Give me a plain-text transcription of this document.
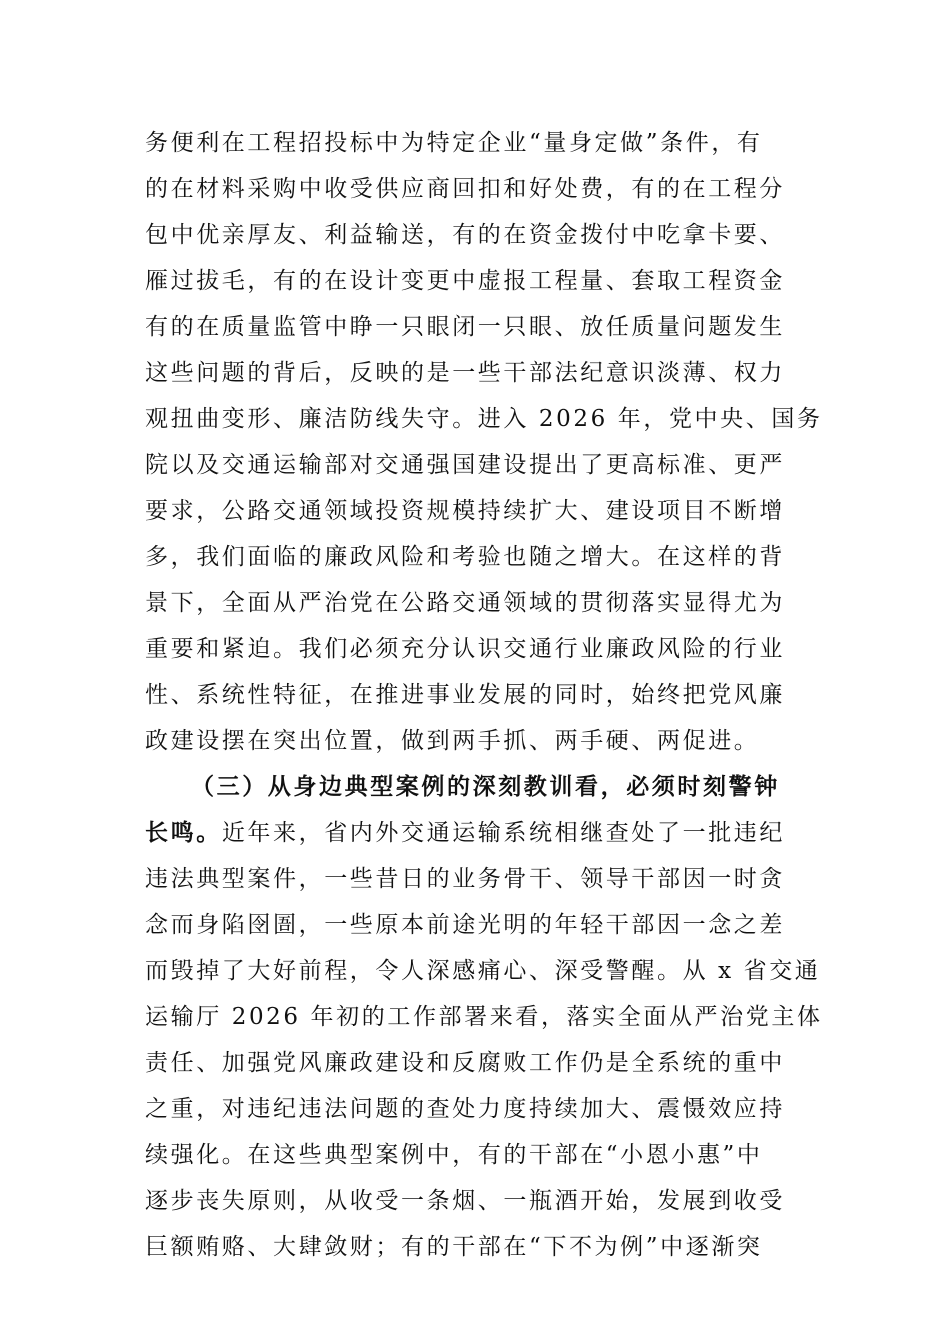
务便利在工程招投标中为特定企业“量身定做”条件，有
的在材料采购中收受供应商回扣和好处费，有的在工程分
包中优亲厚友、利益输送，有的在资金拨付中吃拿卡要、
雁过拔毛，有的在设计变更中虚报工程量、套取工程资金
有的在质量监管中睁一只眼闭一只眼、放任质量问题发生
这些问题的背后，反映的是一些干部法纪意识淡薄、权力
观扭曲变形、廉洁防线失守。进入 2026 年，党中央、国务
院以及交通运输部对交通强国建设提出了更高标准、更严
要求，公路交通领域投资规模持续扩大、建设项目不断增
多，我们面临的廉政风险和考验也随之增大。在这样的背
景下，全面从严治党在公路交通领域的贯彻落实显得尤为
重要和紧迫。我们必须充分认识交通行业廉政风险的行业
性、系统性特征，在推进事业发展的同时，始终把党风廉
政建设摆在突出位置，做到两手抓、两手硬、两促进。
（三）从身边典型案例的深刻教训看，必须时刻警钟
长鸣。近年来，省内外交通运输系统相继查处了一批违纪
违法典型案件，一些昔日的业务骨干、领导干部因一时贪
念而身陷囹圄，一些原本前途光明的年轻干部因一念之差
而毁掉了大好前程，令人深感痛心、深受警醒。从 x 省交通
运输厅 2026 年初的工作部署来看，落实全面从严治党主体
责任、加强党风廉政建设和反腐败工作仍是全系统的重中
之重，对违纪违法问题的查处力度持续加大、震慑效应持
续强化。在这些典型案例中，有的干部在“小恩小惠”中
逐步丧失原则，从收受一条烟、一瓶酒开始，发展到收受
巨额贿赂、大肆敛财；有的干部在“下不为例”中逐渐突
